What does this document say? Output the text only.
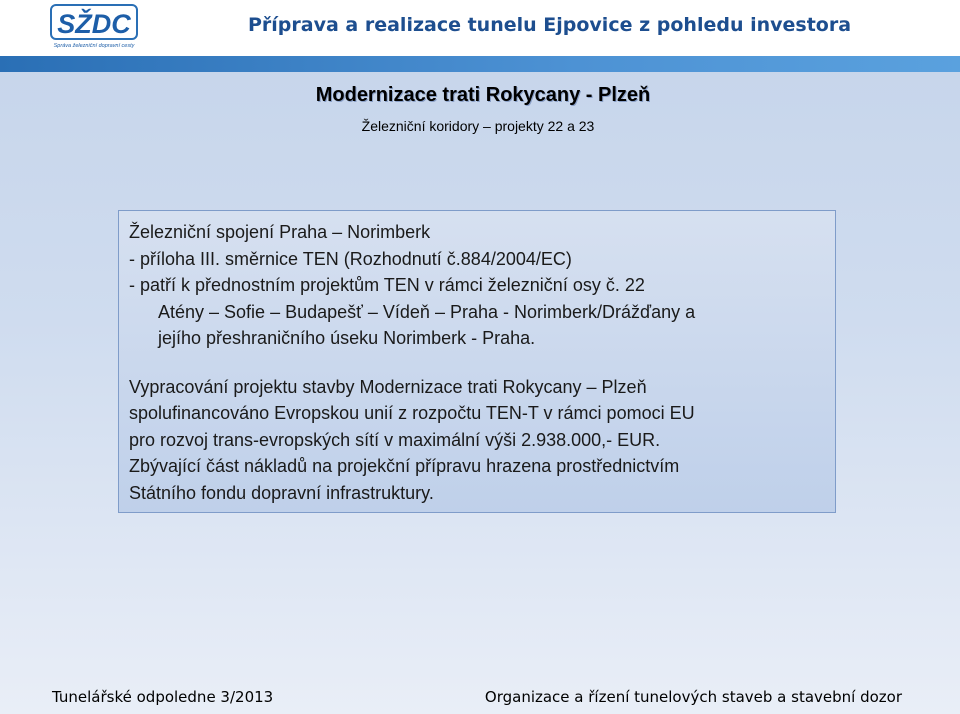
SŽDC
Správa železniční dopravní cesty
Příprava a realizace tunelu Ejpovice z pohledu investora
Modernizace trati Rokycany - Plzeň
Železniční koridory – projekty 22 a 23

Železniční spojení Praha – Norimberk

- příloha III. směrnice TEN (Rozhodnutí č.884/2004/EC)

- patří k přednostním projektům TEN v rámci železniční osy č. 22

Atény – Sofie – Budapešť – Vídeň – Praha - Norimberk/Drážďany a

jejího přeshraničního úseku Norimberk - Praha.

Vypracování projektu stavby Modernizace trati Rokycany – Plzeň

spolufinancováno Evropskou unií z rozpočtu TEN-T v rámci pomoci EU

pro rozvoj trans-evropských sítí v maximální výši 2.938.000,- EUR.

Zbývající část nákladů na projekční přípravu hrazena prostřednictvím

Státního fondu dopravní infrastruktury.

Tunelářské odpoledne 3/2013	Organizace a řízení tunelových staveb a stavební dozor
